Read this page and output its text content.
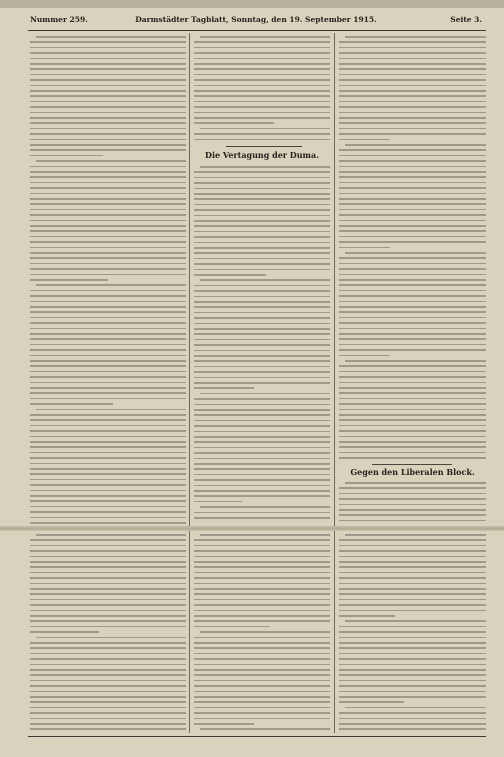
Nummer 259.	Darmstädter Tagblatt, Sonntag, den 19. September 1915.	Seite 3.
Die Vertagung der Duma.
Gegen den Liberalen Block.
